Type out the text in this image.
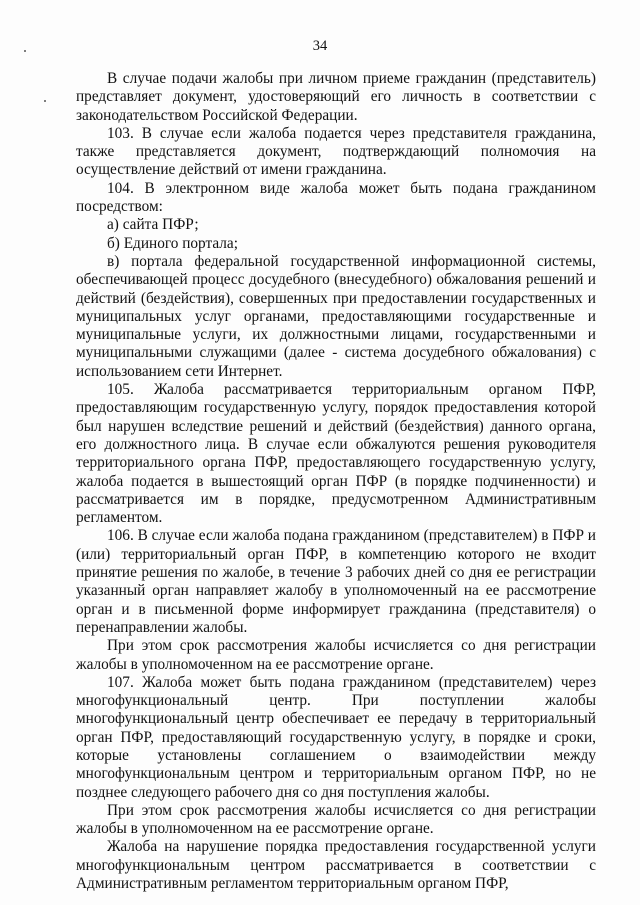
34

В случае подачи жалобы при личном приеме гражданин (представитель) представляет документ, удостоверяющий его личность в соответствии с законодательством Российской Федерации.

103. В случае если жалоба подается через представителя гражданина, также представляется документ, подтверждающий полномочия на осуществление действий от имени гражданина.

104. В электронном виде жалоба может быть подана гражданином посредством:

а) сайта ПФР;

б) Единого портала;

в) портала федеральной государственной информационной системы, обеспечивающей процесс досудебного (внесудебного) обжалования решений и действий (бездействия), совершенных при предоставлении государственных и муниципальных услуг органами, предоставляющими государственные и муниципальные услуги, их должностными лицами, государственными и муниципальными служащими (далее - система досудебного обжалования) с использованием сети Интернет.

105. Жалоба рассматривается территориальным органом ПФР, предоставляющим государственную услугу, порядок предоставления которой был нарушен вследствие решений и действий (бездействия) данного органа, его должностного лица. В случае если обжалуются решения руководителя территориального органа ПФР, предоставляющего государственную услугу, жалоба подается в вышестоящий орган ПФР (в порядке подчиненности) и рассматривается им в порядке, предусмотренном Административным регламентом.

106. В случае если жалоба подана гражданином (представителем) в ПФР и (или) территориальный орган ПФР, в компетенцию которого не входит принятие решения по жалобе, в течение 3 рабочих дней со дня ее регистрации указанный орган направляет жалобу в уполномоченный на ее рассмотрение орган и в письменной форме информирует гражданина (представителя) о перенаправлении жалобы.

При этом срок рассмотрения жалобы исчисляется со дня регистрации жалобы в уполномоченном на ее рассмотрение органе.

107. Жалоба может быть подана гражданином (представителем) через многофункциональный центр. При поступлении жалобы многофункциональный центр обеспечивает ее передачу в территориальный орган ПФР, предоставляющий государственную услугу, в порядке и сроки, которые установлены соглашением о взаимодействии между многофункциональным центром и территориальным органом ПФР, но не позднее следующего рабочего дня со дня поступления жалобы.

При этом срок рассмотрения жалобы исчисляется со дня регистрации жалобы в уполномоченном на ее рассмотрение органе.

Жалоба на нарушение порядка предоставления государственной услуги многофункциональным центром рассматривается в соответствии с Административным регламентом территориальным органом ПФР,
